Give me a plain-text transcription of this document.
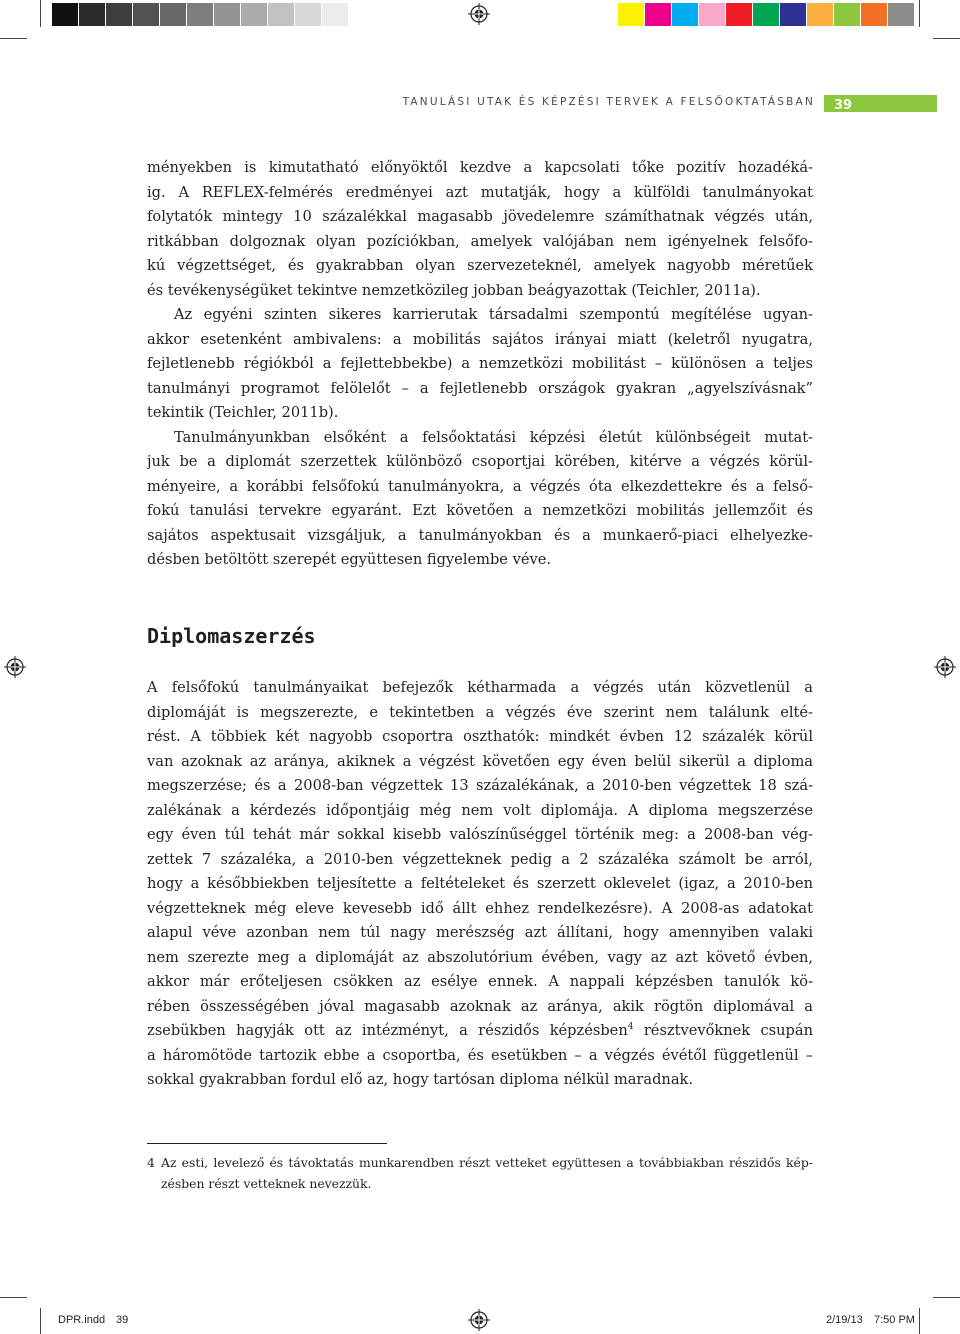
TANULÁSI UTAK ÉS KÉPZÉSI TERVEK A FELSŐOKTATÁSBAN	39
ményekben is kimutatható előnyöktől kezdve a kapcsolati tőke pozitív hozadéká-
ig. A REFLEX-felmérés eredményei azt mutatják, hogy a külföldi tanulmányokat
folytatók mintegy 10 százalékkal magasabb jövedelemre számíthatnak végzés után,
ritkábban dolgoznak olyan pozíciókban, amelyek valójában nem igényelnek felsőfo-
kú végzettséget, és gyakrabban olyan szervezeteknél, amelyek nagyobb méretűek
és tevékenységüket tekintve nemzetközileg jobban beágyazottak (Teichler, 2011a).
Az egyéni szinten sikeres karrierutak társadalmi szempontú megítélése ugyan-
akkor esetenként ambivalens: a mobilitás sajátos irányai miatt (keletről nyugatra,
fejletlenebb régiókból a fejlettebbekbe) a nemzetközi mobilitást – különösen a teljes
tanulmányi programot felölelőt – a fejletlenebb országok gyakran „agyelszívásnak”
tekintik (Teichler, 2011b).
Tanulmányunkban elsőként a felsőoktatási képzési életút különbségeit mutat-
juk be a diplomát szerzettek különböző csoportjai körében, kitérve a végzés körül-
ményeire, a korábbi felsőfokú tanulmányokra, a végzés óta elkezdettekre és a felső-
fokú tanulási tervekre egyaránt. Ezt követően a nemzetközi mobilitás jellemzőit és
sajátos aspektusait vizsgáljuk, a tanulmányokban és a munkaerő-piaci elhelyezke-
désben betöltött szerepét együttesen figyelembe véve.
Diplomaszerzés
A felsőfokú tanulmányaikat befejezők kétharmada a végzés után közvetlenül a
diplomáját is megszerezte, e tekintetben a végzés éve szerint nem találunk elté-
rést. A többiek két nagyobb csoportra oszthatók: mindkét évben 12 százalék körül
van azoknak az aránya, akiknek a végzést követően egy éven belül sikerül a diploma
megszerzése; és a 2008-ban végzettek 13 százalékának, a 2010-ben végzettek 18 szá-
zalékának a kérdezés időpontjáig még nem volt diplomája. A diploma megszerzése
egy éven túl tehát már sokkal kisebb valószínűséggel történik meg: a 2008-ban vég-
zettek 7 százaléka, a 2010-ben végzetteknek pedig a 2 százaléka számolt be arról,
hogy a későbbiekben teljesítette a feltételeket és szerzett oklevelet (igaz, a 2010-ben
végzetteknek még eleve kevesebb idő állt ehhez rendelkezésre). A 2008-as adatokat
alapul véve azonban nem túl nagy merészség azt állítani, hogy amennyiben valaki
nem szerezte meg a diplomáját az abszolutórium évében, vagy az azt követő évben,
akkor már erőteljesen csökken az esélye ennek. A nappali képzésben tanulók kö-
rében összességében jóval magasabb azoknak az aránya, akik rögtön diplomával a
zsebükben hagyják ott az intézményt, a részidős képzésben$^4$ résztvevőknek csupán
a háromötöde tartozik ebbe a csoportba, és esetükben – a végzés évétől függetlenül –
sokkal gyakrabban fordul elő az, hogy tartósan diploma nélkül maradnak.
4 Az esti, levelező és távoktatás munkarendben részt vetteket együttesen a továbbiakban részidős kép-
zésben részt vetteknek nevezzük.
DPR.indd 39	2/19/13 7:50 PM
